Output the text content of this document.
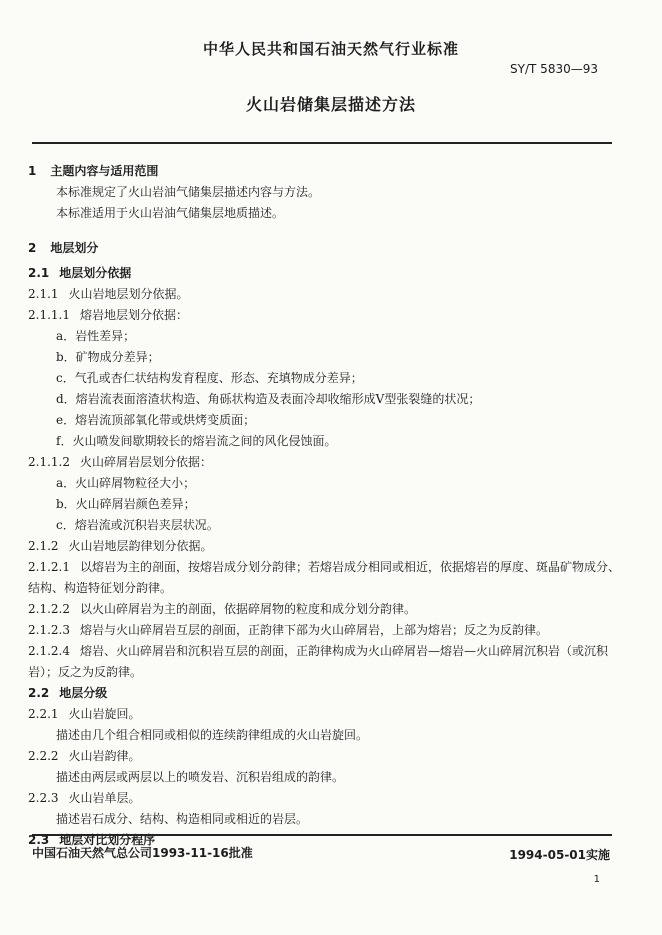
中华人民共和国石油天然气行业标准
SY/T 5830—93
火山岩储集层描述方法
1 主题内容与适用范围
本标准规定了火山岩油气储集层描述内容与方法。
本标准适用于火山岩油气储集层地质描述。
2 地层划分
2.1 地层划分依据
2.1.1 火山岩地层划分依据。
2.1.1.1 熔岩地层划分依据：
a．岩性差异；
b．矿物成分差异；
c．气孔或杏仁状结构发育程度、形态、充填物成分差异；
d．熔岩流表面溶渣状构造、角砾状构造及表面冷却收缩形成V型张裂缝的状况；
e．熔岩流顶部氧化带或烘烤变质面；
f．火山喷发间歇期较长的熔岩流之间的风化侵蚀面。
2.1.1.2 火山碎屑岩层划分依据：
a．火山碎屑物粒径大小；
b．火山碎屑岩颜色差异；
c．熔岩流或沉积岩夹层状况。
2.1.2 火山岩地层韵律划分依据。
2.1.2.1 以熔岩为主的剖面，按熔岩成分划分韵律；若熔岩成分相同或相近，依据熔岩的厚度、斑晶矿物成分、结构、构造特征划分韵律。
2.1.2.2 以火山碎屑岩为主的剖面，依据碎屑物的粒度和成分划分韵律。
2.1.2.3 熔岩与火山碎屑岩互层的剖面，正韵律下部为火山碎屑岩，上部为熔岩；反之为反韵律。
2.1.2.4 熔岩、火山碎屑岩和沉积岩互层的剖面，正韵律构成为火山碎屑岩—熔岩—火山碎屑沉积岩（或沉积岩）；反之为反韵律。
2.2 地层分级
2.2.1 火山岩旋回。
描述由几个组合相同或相似的连续韵律组成的火山岩旋回。
2.2.2 火山岩韵律。
描述由两层或两层以上的喷发岩、沉积岩组成的韵律。
2.2.3 火山岩单层。
描述岩石成分、结构、构造相同或相近的岩层。
2.3 地层对比划分程序
中国石油天然气总公司1993-11-16批准	1994-05-01实施
1
